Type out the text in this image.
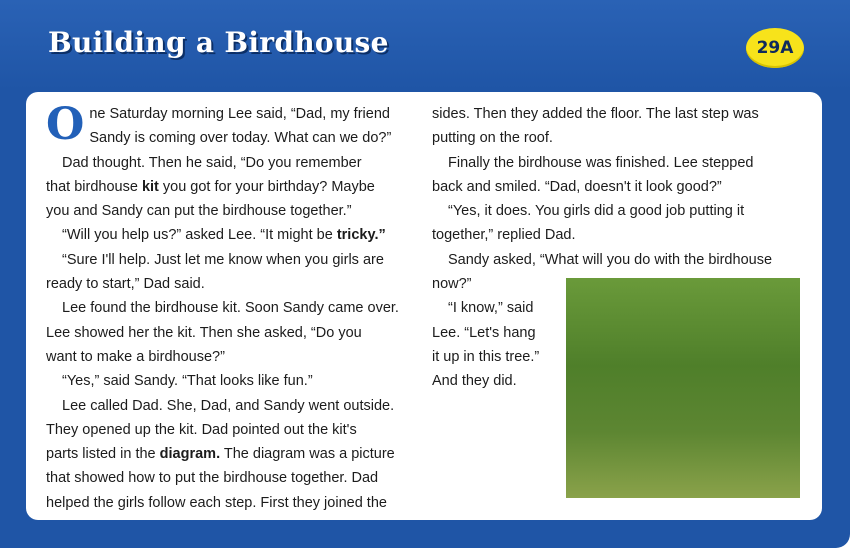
Building a Birdhouse	29A

One Saturday morning Lee said, “Dad, my friend
Sandy is coming over today. What can we do?”

Dad thought. Then he said, “Do you remember
that birdhouse kit you got for your birthday? Maybe
you and Sandy can put the birdhouse together.”

“Will you help us?” asked Lee. “It might be tricky.”

“Sure I'll help. Just let me know when you girls are
ready to start,” Dad said.

Lee found the birdhouse kit. Soon Sandy came over.
Lee showed her the kit. Then she asked, “Do you
want to make a birdhouse?”

“Yes,” said Sandy. “That looks like fun.”

Lee called Dad. She, Dad, and Sandy went outside.
They opened up the kit. Dad pointed out the kit's
parts listed in the diagram. The diagram was a picture
that showed how to put the birdhouse together. Dad
helped the girls follow each step. First they joined the

sides. Then they added the floor. The last step was
putting on the roof.

Finally the birdhouse was finished. Lee stepped
back and smiled. “Dad, doesn't it look good?”

“Yes, it does. You girls did a good job putting it
together,” replied Dad.

Sandy asked, “What will you do with the birdhouse
now?”

“I know,” said
Lee. “Let's hang
it up in this tree.”
And they did.
